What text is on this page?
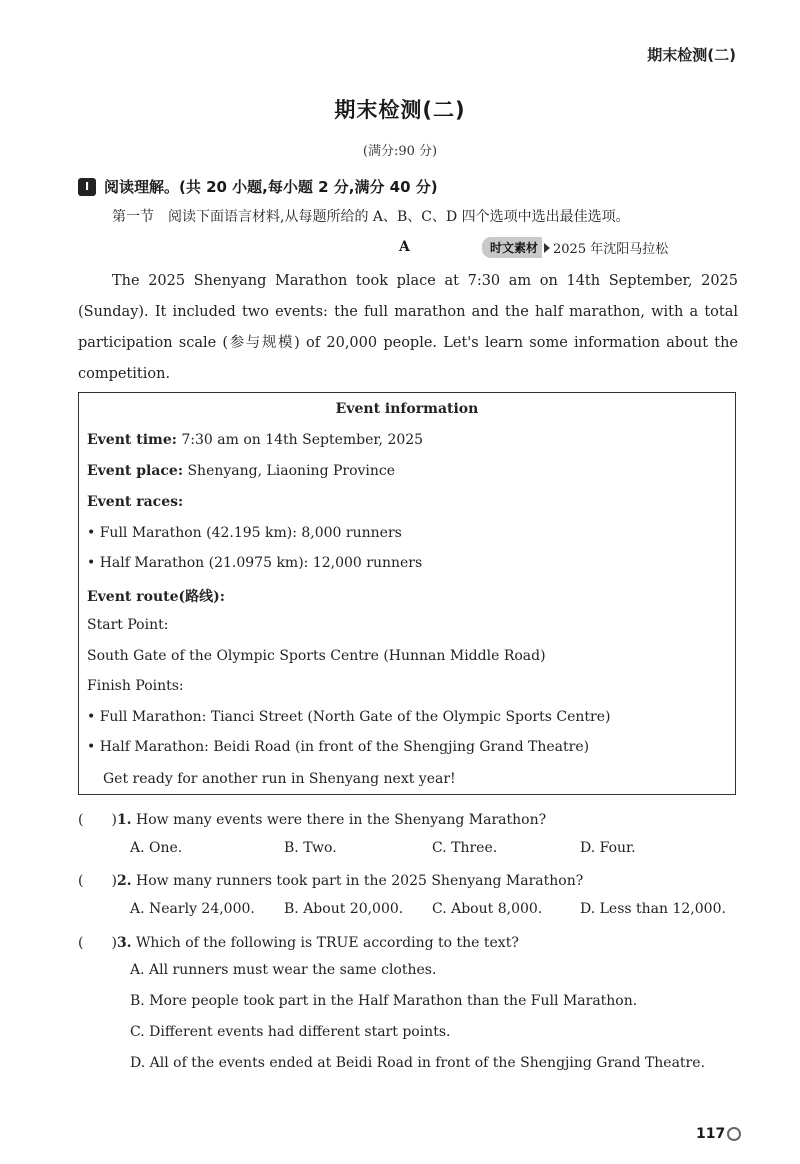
期末检测(二)
期末检测(二)
(满分:90 分)
Ⅰ 阅读理解。(共 20 小题,每小题 2 分,满分 40 分)
第一节　阅读下面语言材料,从每题所给的 A、B、C、D 四个选项中选出最佳选项。
A	时文素材	2025 年沈阳马拉松
The 2025 Shenyang Marathon took place at 7:30 am on 14th September, 2025 (Sunday). It included two events: the full marathon and the half marathon, with a total participation scale (参与规模) of 20,000 people. Let's learn some information about the competition.
Event information
Event time: 7:30 am on 14th September, 2025
Event place: Shenyang, Liaoning Province
Event races:
• Full Marathon (42.195 km): 8,000 runners
• Half Marathon (21.0975 km): 12,000 runners
Event route(路线):
Start Point:
South Gate of the Olympic Sports Centre (Hunnan Middle Road)
Finish Points:
• Full Marathon: Tianci Street (North Gate of the Olympic Sports Centre)
• Half Marathon: Beidi Road (in front of the Shengjing Grand Theatre)
Get ready for another run in Shenyang next year!
(　　)1. How many events were there in the Shenyang Marathon?
A. One.	B. Two.	C. Three.	D. Four.
(　　)2. How many runners took part in the 2025 Shenyang Marathon?
A. Nearly 24,000. B. About 20,000. C. About 8,000.	D. Less than 12,000.
(　　)3. Which of the following is TRUE according to the text?
A. All runners must wear the same clothes.
B. More people took part in the Half Marathon than the Full Marathon.
C. Different events had different start points.
D. All of the events ended at Beidi Road in front of the Shengjing Grand Theatre.
117
